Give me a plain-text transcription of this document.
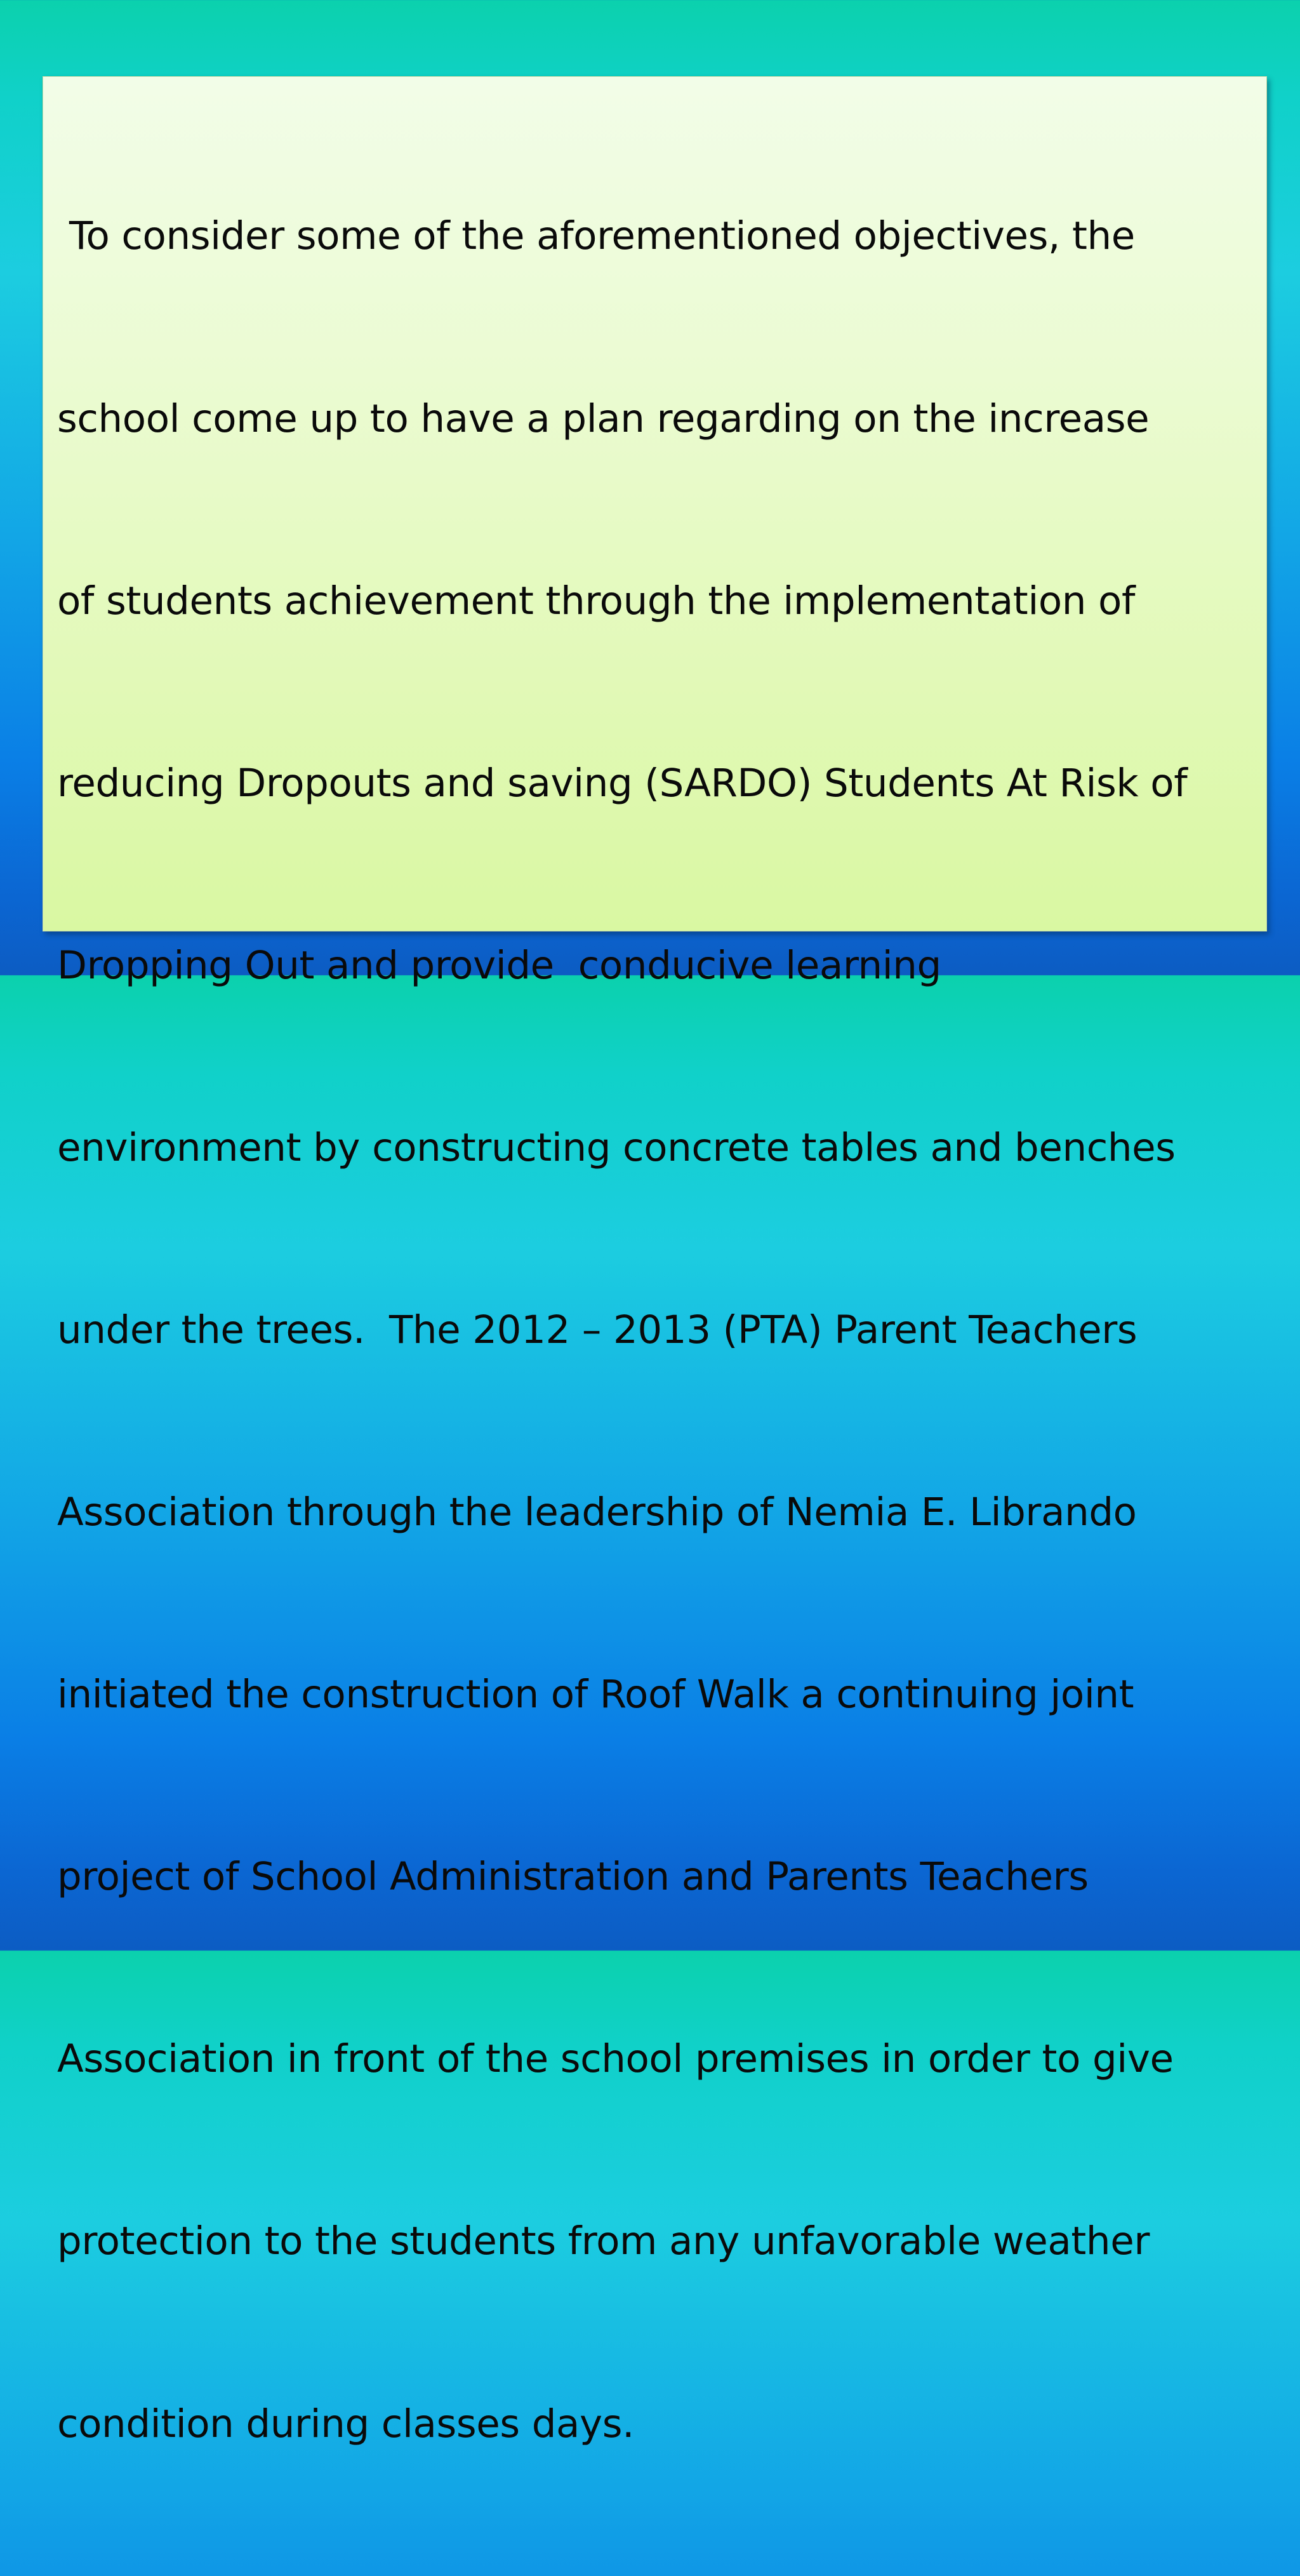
To consider some of the aforementioned objectives, the

school come up to have a plan regarding on the increase

of students achievement through the implementation of

reducing Dropouts and saving (SARDO) Students At Risk of

Dropping Out and provide  conducive learning

environment by constructing concrete tables and benches

under the trees.  The 2012 – 2013 (PTA) Parent Teachers

Association through the leadership of Nemia E. Librando

initiated the construction of Roof Walk a continuing joint

project of School Administration and Parents Teachers

Association in front of the school premises in order to give

protection to the students from any unfavorable weather

condition during classes days.
